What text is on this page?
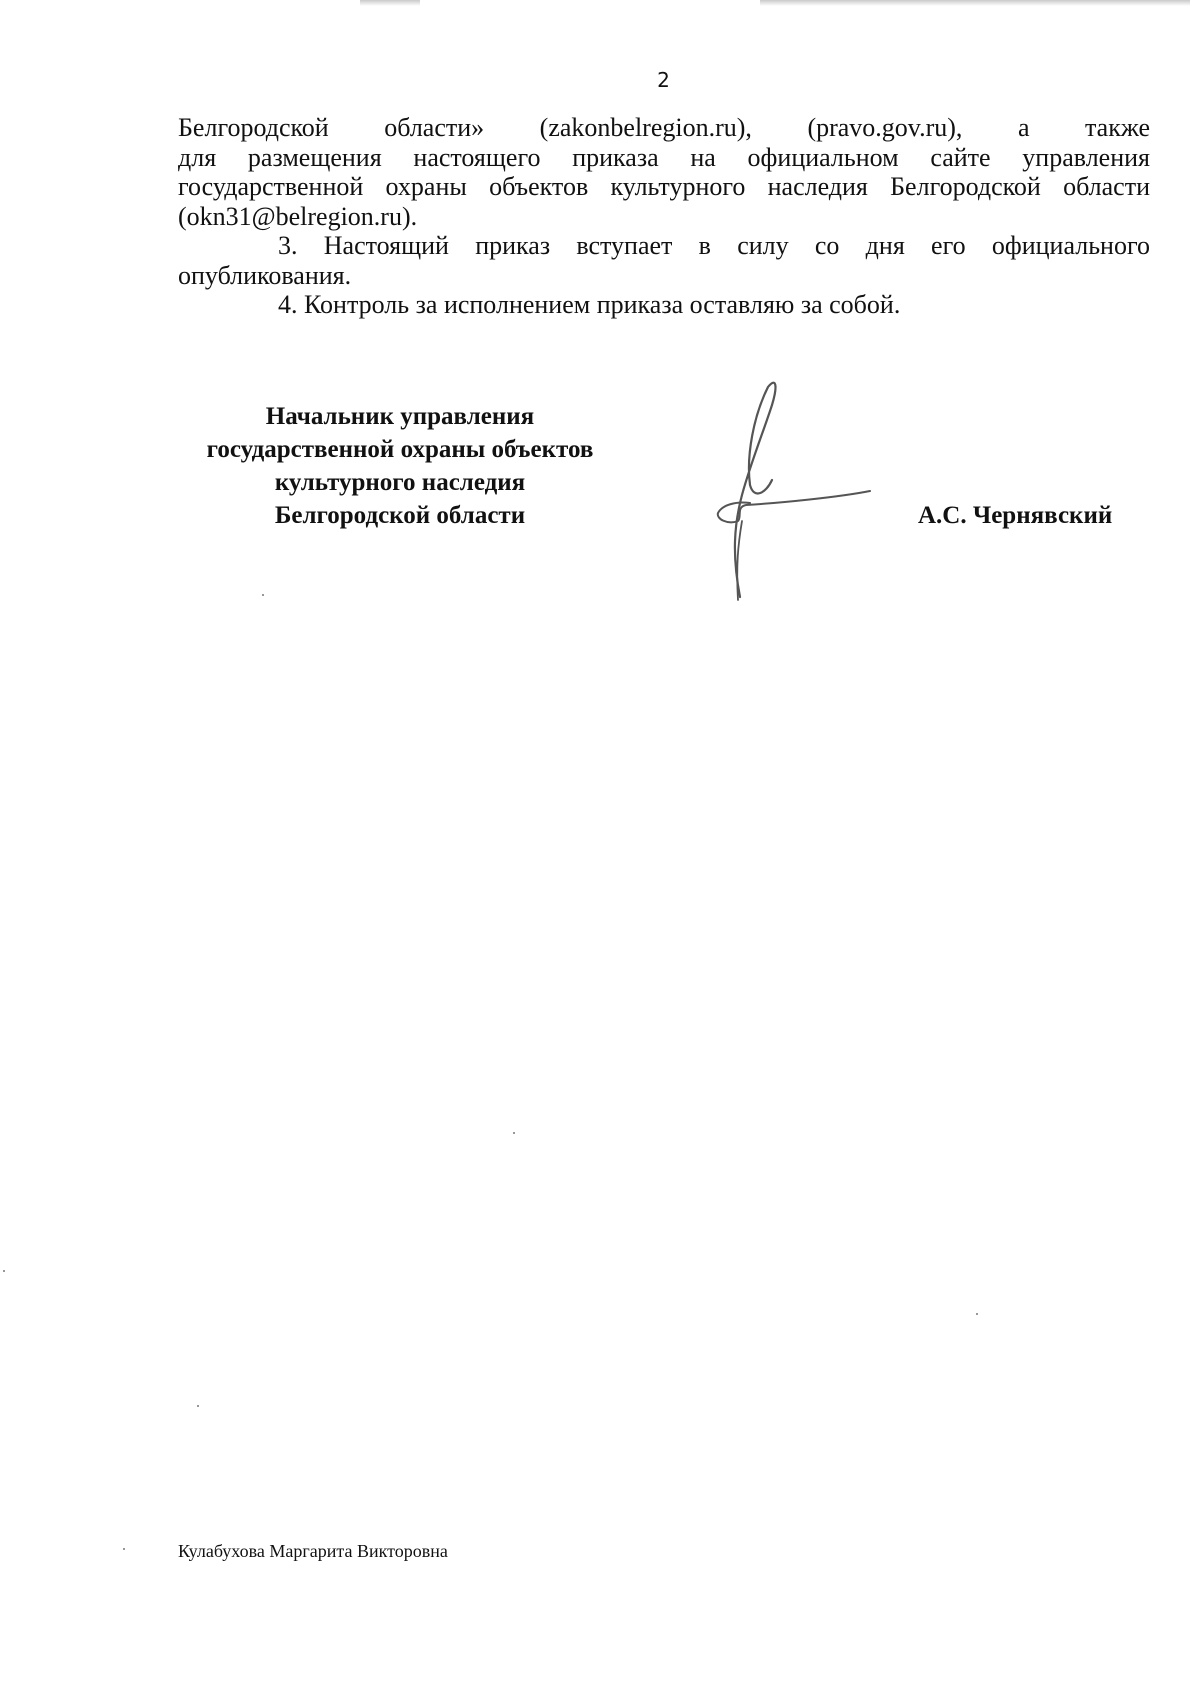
2
Белгородской области» (zakonbelregion.ru), (pravo.gov.ru), а также
для размещения настоящего приказа на официальном сайте управления
государственной охраны объектов культурного наследия Белгородской области
(okn31@belregion.ru).
3. Настоящий приказ вступает в силу со дня его официального
опубликования.
4. Контроль за исполнением приказа оставляю за собой.
Начальник управления
государственной охраны объектов
культурного наследия
Белгородской области	А.С. Чернявский
Кулабухова Маргарита Викторовна
